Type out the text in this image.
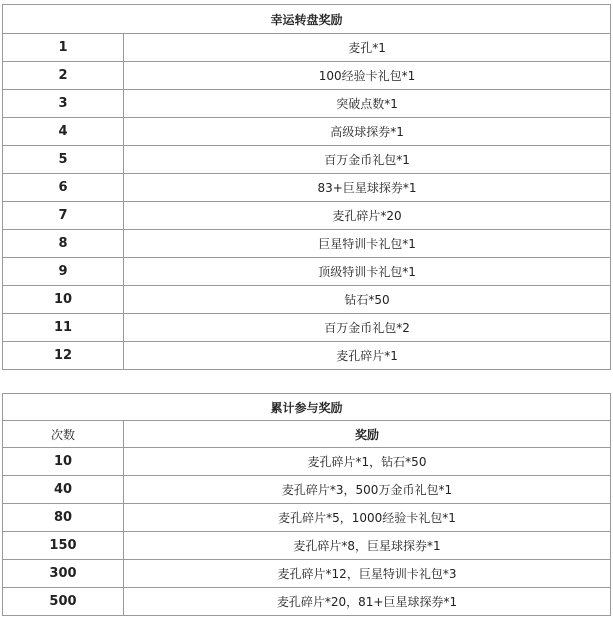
幸运转盘奖励	
1	麦孔*1
2	100经验卡礼包*1
3	突破点数*1
4	高级球探券*1
5	百万金币礼包*1
6	83+巨星球探券*1
7	麦孔碎片*20
8	巨星特训卡礼包*1
9	顶级特训卡礼包*1
10	钻石*50
11	百万金币礼包*2
12	麦孔碎片*1
累计参与奖励	
次数	奖励
10	麦孔碎片*1，钻石*50
40	麦孔碎片*3，500万金币礼包*1
80	麦孔碎片*5，1000经验卡礼包*1
150	麦孔碎片*8，巨星球探券*1
300	麦孔碎片*12，巨星特训卡礼包*3
500	麦孔碎片*20，81+巨星球探券*1
